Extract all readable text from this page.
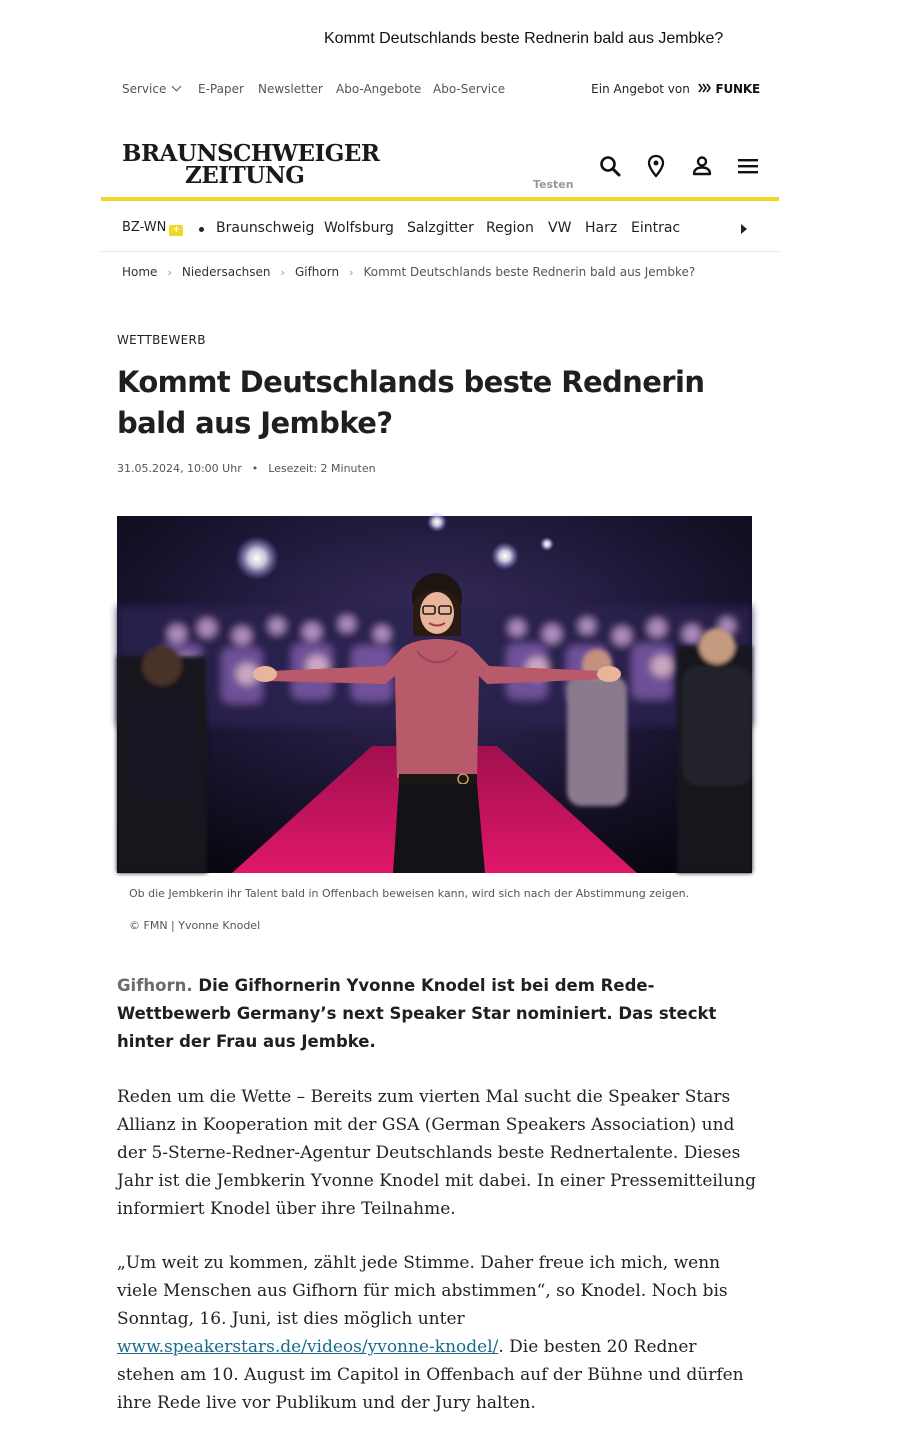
Kommt Deutschlands beste Rednerin bald aus Jembke?
Service	E-Paper Newsletter Abo-Angebote Abo-Service	Ein Angebot von FUNKE
BRAUNSCHWEIGER
ZEITUNG	Testen
BZ-WN +	Braunschweig Wolfsburg Salzgitter Region VW Harz Eintrac
Home › Niedersachsen › Gifhorn › Kommt Deutschlands beste Rednerin bald aus Jembke?
WETTBEWERB
Kommt Deutschlands beste Rednerin bald aus Jembke?
31.05.2024, 10:00 Uhr • Lesezeit: 2 Minuten
Ob die Jembkerin ihr Talent bald in Offenbach beweisen kann, wird sich nach der Abstimmung zeigen.
© FMN | Yvonne Knodel

Gifhorn. Die Gifhornerin Yvonne Knodel ist bei dem Rede-Wettbewerb Germany’s next Speaker Star nominiert. Das steckt hinter der Frau aus Jembke.

Reden um die Wette – Bereits zum vierten Mal sucht die Speaker Stars Allianz in Kooperation mit der GSA (German Speakers Association) und der 5-Sterne-Redner-Agentur Deutschlands beste Rednertalente. Dieses Jahr ist die Jembkerin Yvonne Knodel mit dabei. In einer Pressemitteilung informiert Knodel über ihre Teilnahme.

„Um weit zu kommen, zählt jede Stimme. Daher freue ich mich, wenn viele Menschen aus Gifhorn für mich abstimmen“, so Knodel. Noch bis Sonntag, 16. Juni, ist dies möglich unter www.speakerstars.de/videos/yvonne-knodel/. Die besten 20 Redner stehen am 10. August im Capitol in Offenbach auf der Bühne und dürfen ihre Rede live vor Publikum und der Jury halten.
